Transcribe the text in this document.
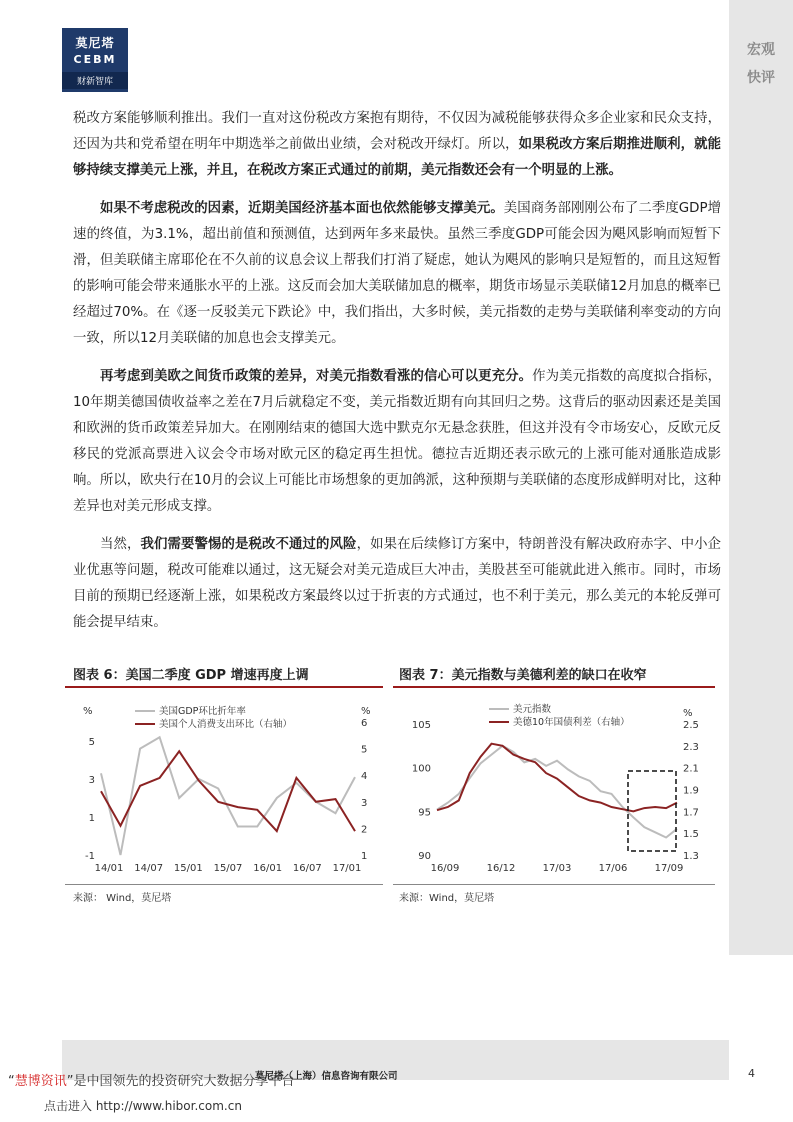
莫尼塔
CEBM
财新智库
宏观
快评

税改方案能够顺利推出。我们一直对这份税改方案抱有期待，不仅因为减税能够获得众多企业家和民众支持，还因为共和党希望在明年中期选举之前做出业绩，会对税改开绿灯。所以，如果税改方案后期推进顺利，就能够持续支撑美元上涨，并且，在税改方案正式通过的前期，美元指数还会有一个明显的上涨。

如果不考虑税改的因素，近期美国经济基本面也依然能够支撑美元。美国商务部刚刚公布了二季度GDP增速的终值，为3.1%，超出前值和预测值，达到两年多来最快。虽然三季度GDP可能会因为飓风影响而短暂下滑，但美联储主席耶伦在不久前的议息会议上帮我们打消了疑虑，她认为飓风的影响只是短暂的，而且这短暂的影响可能会带来通胀水平的上涨。这反而会加大美联储加息的概率，期货市场显示美联储12月加息的概率已经超过70%。在《逐一反驳美元下跌论》中，我们指出，大多时候，美元指数的走势与美联储利率变动的方向一致，所以12月美联储的加息也会支撑美元。

再考虑到美欧之间货币政策的差异，对美元指数看涨的信心可以更充分。作为美元指数的高度拟合指标，10年期美德国债收益率之差在7月后就稳定不变，美元指数近期有向其回归之势。这背后的驱动因素还是美国和欧洲的货币政策差异加大。在刚刚结束的德国大选中默克尔无悬念获胜，但这并没有令市场安心，反欧元反移民的党派高票进入议会令市场对欧元区的稳定再生担忧。德拉吉近期还表示欧元的上涨可能对通胀造成影响。所以，欧央行在10月的会议上可能比市场想象的更加鸽派，这种预期与美联储的态度形成鲜明对比，这种差异也对美元形成支撑。

当然，我们需要警惕的是税改不通过的风险，如果在后续修订方案中，特朗普没有解决政府赤字、中小企业优惠等问题，税改可能难以通过，这无疑会对美元造成巨大冲击，美股甚至可能就此进入熊市。同时，市场目前的预期已经逐渐上涨，如果税改方案最终以过于折衷的方式通过，也不利于美元，那么美元的本轮反弹可能会提早结束。

图表 6：美国二季度 GDP 增速再度上调
%	%
-1
1
3
5
1
2
3
4
5
6
14/01 14/07 15/01 15/07 16/01 16/07 17/01
美国GDP环比折年率
美国个人消费支出环比（右轴）
来源： Wind，莫尼塔
图表 7：美元指数与美德利差的缺口在收窄
%
90
95
100
105
1.3
1.5
1.7
1.9
2.1
2.3
2.5
16/09	16/12	17/03	17/06	17/09
美元指数
美德10年国债利差（右轴）
来源：Wind，莫尼塔
莫尼塔（上海）信息咨询有限公司	4
“慧博资讯”是中国领先的投资研究大数据分享平台
点击进入 http://www.hibor.com.cn
